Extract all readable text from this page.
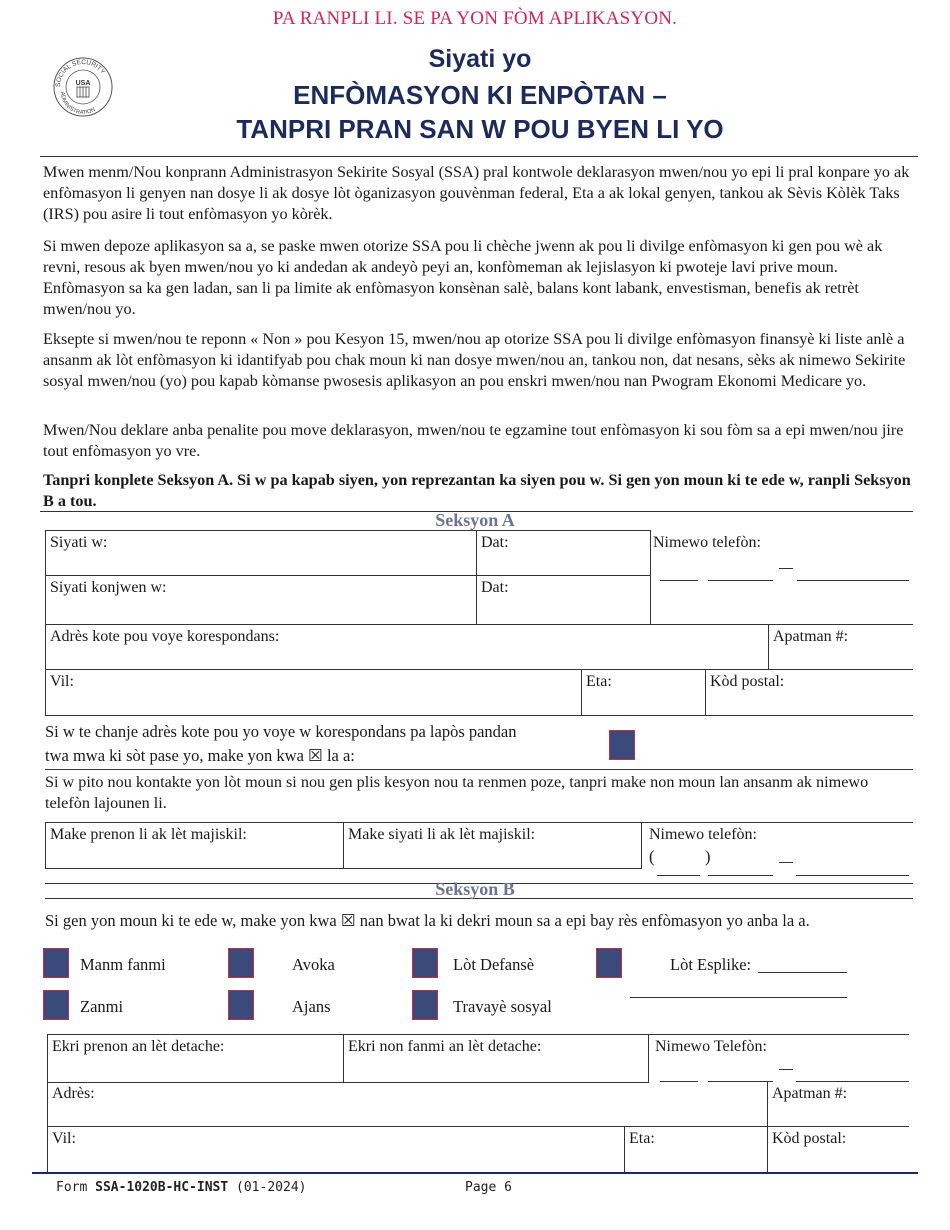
PA RANPLI LI. SE PA YON FÒM APLIKASYON.
SOCIAL SECURITY
ADMINISTRATION
USA
Siyati yo
ENFÒMASYON KI ENPÒTAN –
TANPRI PRAN SAN W POU BYEN LI YO
Mwen menm/Nou konprann Administrasyon Sekirite Sosyal (SSA) pral kontwole deklarasyon mwen/nou yo epi li pral konpare yo ak enfòmasyon li genyen nan dosye li ak dosye lòt òganizasyon gouvènman federal, Eta a ak lokal genyen, tankou ak Sèvis Kòlèk Taks (IRS) pou asire li tout enfòmasyon yo kòrèk.
Si mwen depoze aplikasyon sa a, se paske mwen otorize SSA pou li chèche jwenn ak pou li divilge enfòmasyon ki gen pou wè ak revni, resous ak byen mwen/nou yo ki andedan ak andeyò peyi an, konfòmeman ak lejislasyon ki pwoteje lavi prive moun. Enfòmasyon sa ka gen ladan, san li pa limite ak enfòmasyon konsènan salè, balans kont labank, envestisman, benefis ak retrèt mwen/nou yo.
Eksepte si mwen/nou te reponn « Non » pou Kesyon 15, mwen/nou ap otorize SSA pou li divilge enfòmasyon finansyè ki liste anlè a ansanm ak lòt enfòmasyon ki idantifyab pou chak moun ki nan dosye mwen/nou an, tankou non, dat nesans, sèks ak nimewo Sekirite sosyal mwen/nou (yo) pou kapab kòmanse pwosesis aplikasyon an pou enskri mwen/nou nan Pwogram Ekonomi Medicare yo.
Mwen/Nou deklare anba penalite pou move deklarasyon, mwen/nou te egzamine tout enfòmasyon ki sou fòm sa a epi mwen/nou jire tout enfòmasyon yo vre.
Tanpri konplete Seksyon A. Si w pa kapab siyen, yon reprezantan ka siyen pou w. Si gen yon moun ki te ede w, ranpli Seksyon B a tou.
Seksyon A
Siyati w:	Dat:	Nimewo telefòn:
Siyati konjwen w:	Dat:
Adrès kote pou voye korespondans:	Apatman #:
Vil:	Eta:	Kòd postal:
Si w te chanje adrès kote pou yo voye w korespondans pa lapòs pandan
twa mwa ki sòt pase yo, make yon kwa ☒ la a:
Si w pito nou kontakte yon lòt moun si nou gen plis kesyon nou ta renmen poze, tanpri make non moun lan ansanm ak nimewo telefòn lajounen li.
Make prenon li ak lèt majiskil:	Make siyati li ak lèt majiskil:	Nimewo telefòn:
(	)
Seksyon B
Si gen yon moun ki te ede w, make yon kwa ☒ nan bwat la ki dekri moun sa a epi bay rès enfòmasyon yo anba la a.
Manm fanmi	Avoka	Lòt Defansè	Lòt Esplike:
Zanmi	Ajans	Travayè sosyal
Ekri prenon an lèt detache:	Ekri non fanmi an lèt detache:	Nimewo Telefòn:
Adrès:	Apatman #:
Vil:	Eta:	Kòd postal:
Form SSA-1020B-HC-INST (01-2024)	Page 6
